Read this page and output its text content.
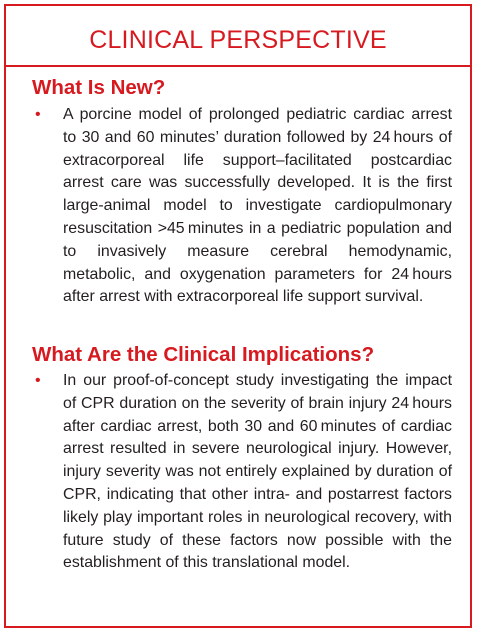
CLINICAL PERSPECTIVE
What Is New?
• A porcine model of prolonged pediatric cardiac arrest to 30 and 60 minutes’ duration followed by 24 hours of extracorporeal life support–facilitated postcardiac arrest care was successfully developed. It is the first large-animal model to investigate cardiopulmonary resuscitation >45 minutes in a pediatric population and to invasively measure cerebral hemodynamic, metabolic, and oxygenation parameters for 24 hours after arrest with extracorporeal life support survival.
What Are the Clinical Implications?
• In our proof-of-concept study investigating the impact of CPR duration on the severity of brain injury 24 hours after cardiac arrest, both 30 and 60 minutes of cardiac arrest resulted in severe neurological injury. However, injury severity was not entirely explained by duration of CPR, indicating that other intra- and postarrest factors likely play important roles in neurological recovery, with future study of these factors now possible with the establishment of this translational model.
